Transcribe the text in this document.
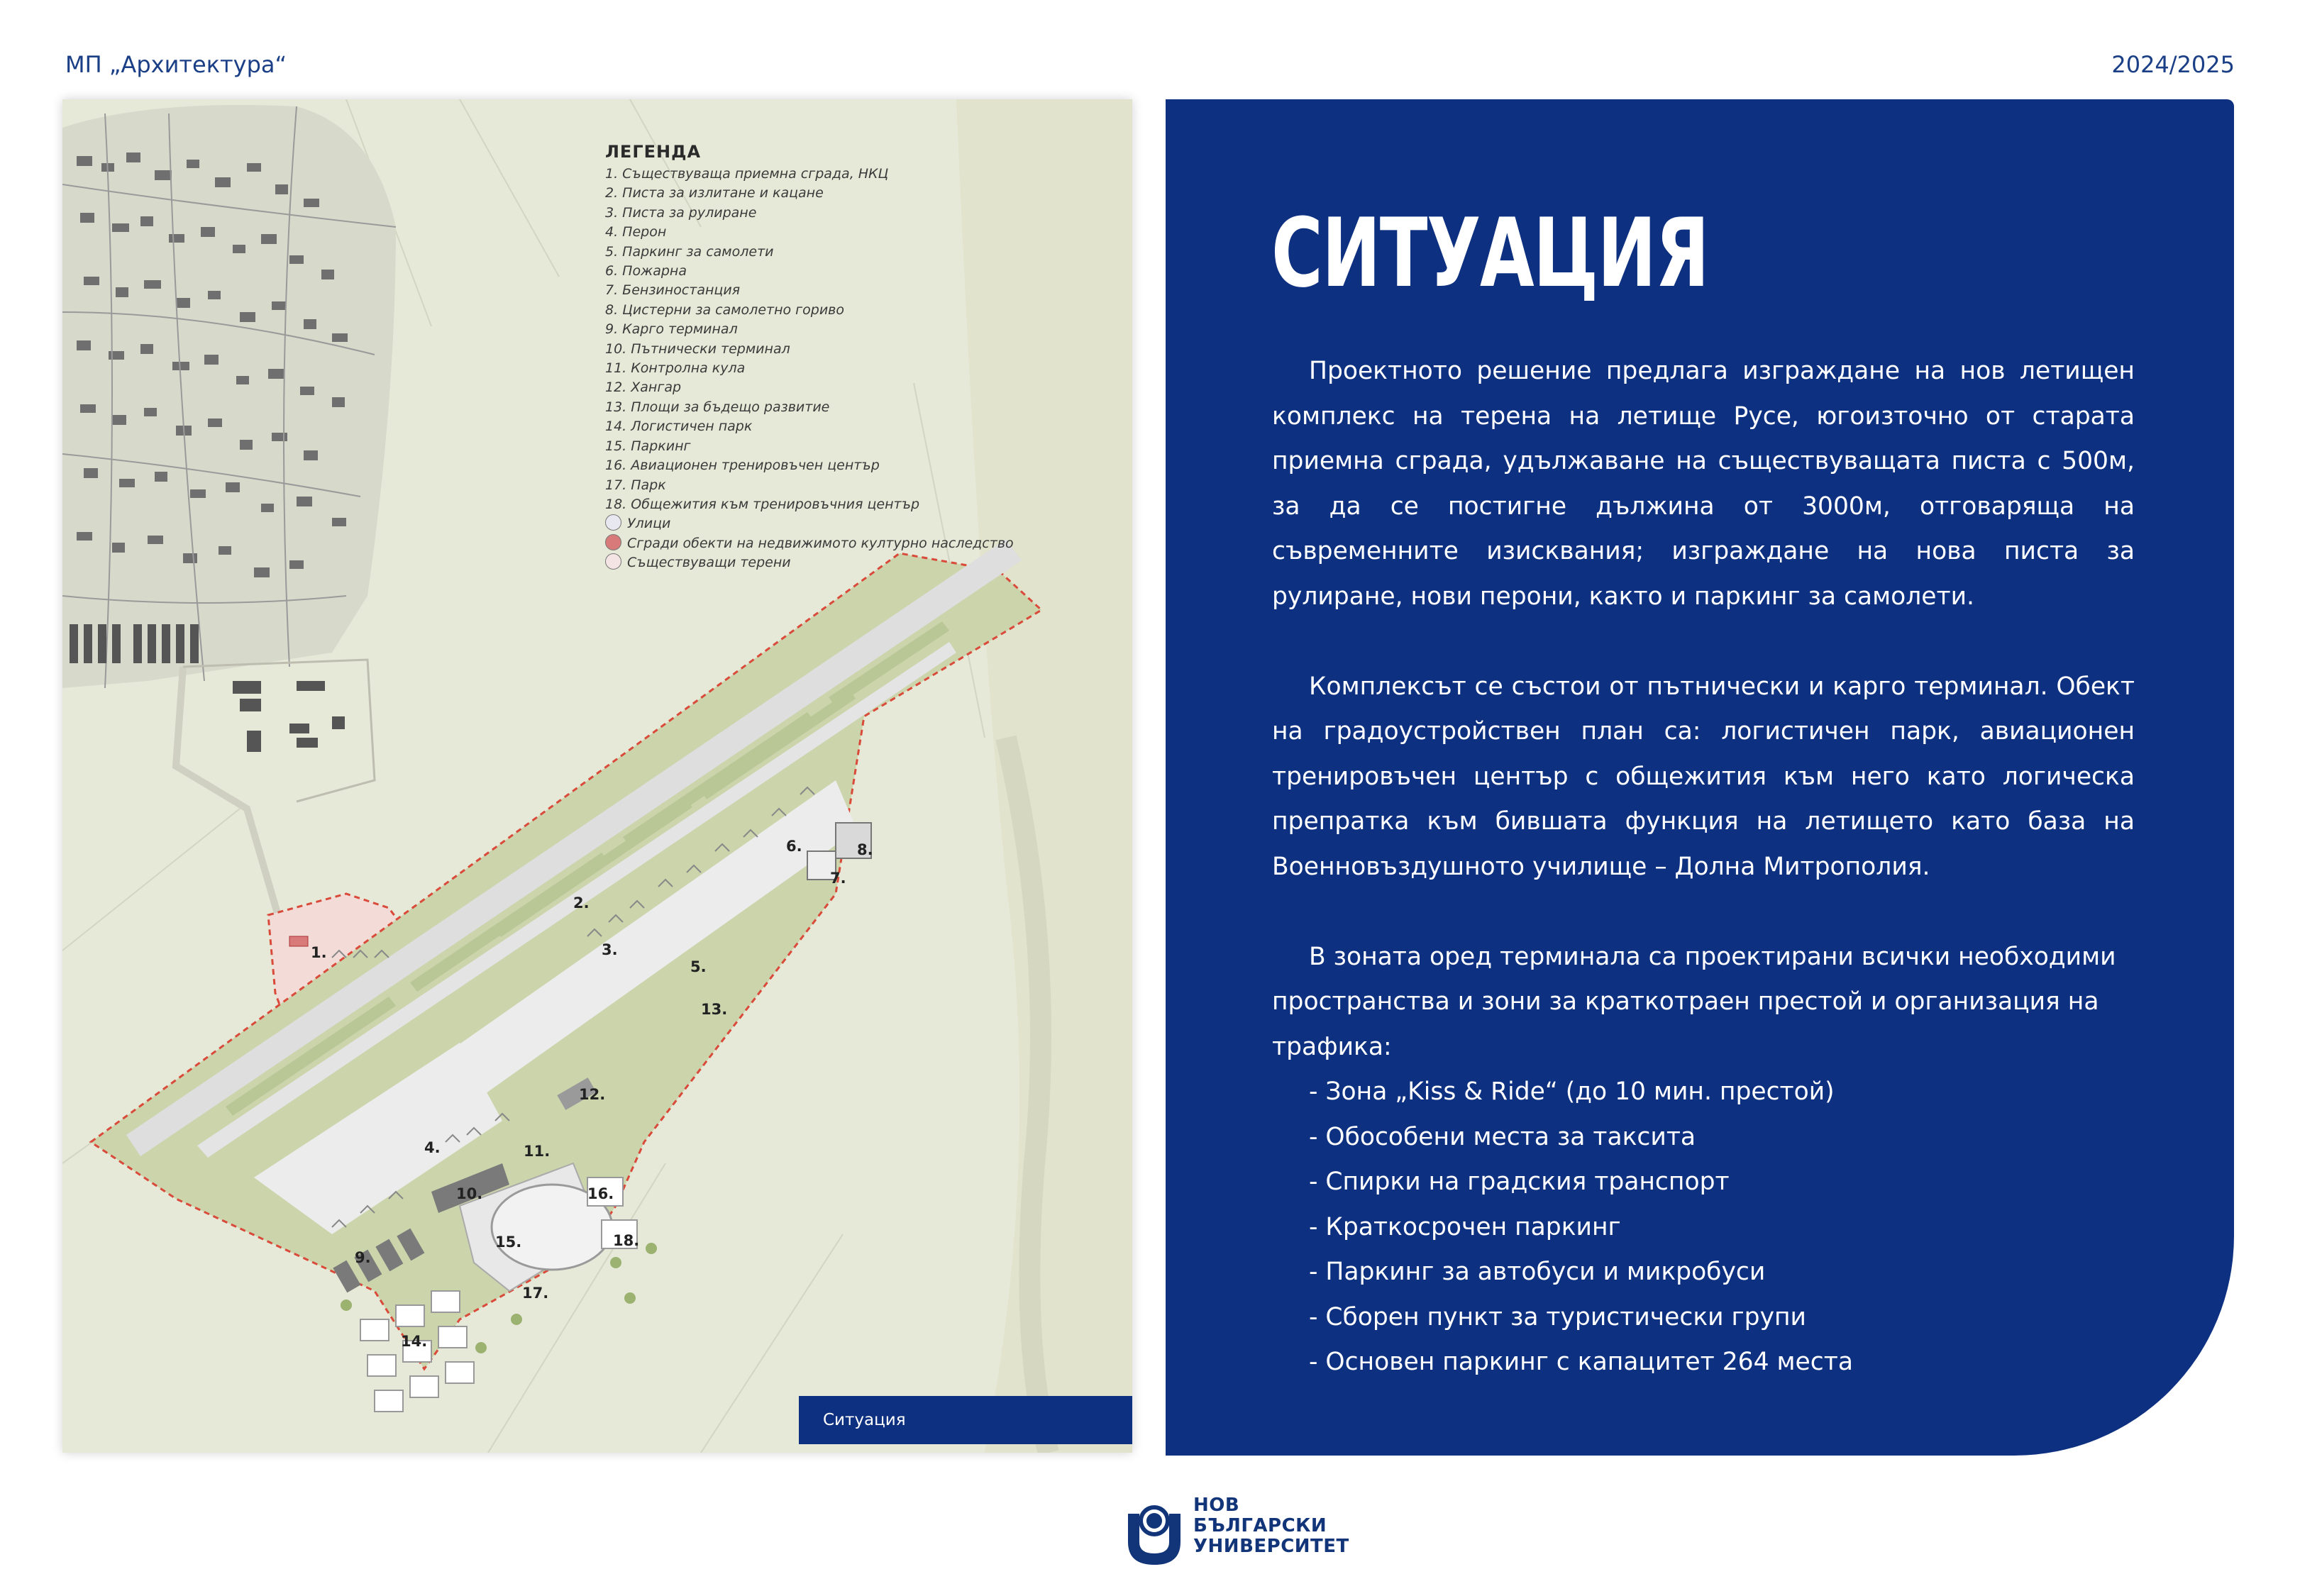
МП „Архитектура“	2024/2025
1.
2.
3.
4.
5.
6.
7.
8.
9.
10.
11.
12.
13.
14.
15.
16.
17.
18.
ЛЕГЕНДА
1. Съществуваща приемна сграда, НКЦ
2. Писта за излитане и кацане
3. Писта за рулиране
4. Перон
5. Паркинг за самолети
6. Пожарна
7. Бензиностанция
8. Цистерни за самолетно гориво
9. Карго терминал
10. Пътнически терминал
11. Контролна кула
12. Хангар
13. Площи за бъдещо развитие
14. Логистичен парк
15. Паркинг
16. Авиационен тренировъчен център
17. Парк
18. Общежития към тренировъчния център
Улици
Сгради обекти на недвижимото културно наследство
Съществуващи терени
Ситуация
СИТУАЦИЯ

Проектното решение предлага изграждане на нов летищен комплекс на терена на летище Русе, югоизточно от старата приемна сграда, удължаване на съществуващата писта с 500м, за да се постигне дължина от 3000м, отговаряща на съвременните изисквания; изграждане на нова писта за рулиране, нови перони, както и паркинг за самолети.

Комплексът се състои от пътнически и карго терминал. Обект на градоустройствен план са: логистичен парк, авиационен тренировъчен център с общежития към него като логическа препратка към бившата функция на летището като база на Военновъздушното училище – Долна Митрополия.

В зоната оред терминала са проектирани всички необходими пространства и зони за краткотраен престой и организация на трафика:
- Зона „Kiss & Ride“ (до 10 мин. престой)
- Обособени места за таксита
- Спирки на градския транспорт
- Краткосрочен паркинг
- Паркинг за автобуси и микробуси
- Сборен пункт за туристически групи
- Основен паркинг с капацитет 264 места
НОВ
БЪЛГАРСКИ
УНИВЕРСИТЕТ
